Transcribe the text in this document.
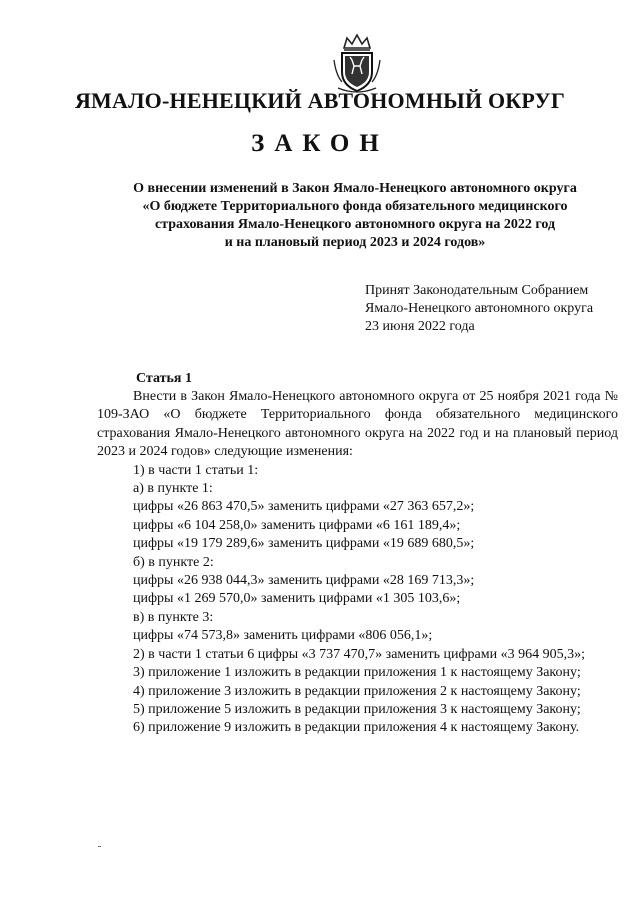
ЯМАЛО-НЕНЕЦКИЙ АВТОНОМНЫЙ ОКРУГ
ЗАКОН
О внесении изменений в Закон Ямало-Ненецкого автономного округа
«О бюджете Территориального фонда обязательного медицинского
страхования Ямало-Ненецкого автономного округа на 2022 год
и на плановый период 2023 и 2024 годов»
Принят Законодательным Собранием
Ямало-Ненецкого автономного округа
23 июня 2022 года
Статья 1

Внести в Закон Ямало-Ненецкого автономного округа от 25 ноября 2021 года № 109-ЗАО «О бюджете Территориального фонда обязательного медицинского страхования Ямало-Ненецкого автономного округа на 2022 год и на плановый период 2023 и 2024 годов» следующие изменения:

1) в части 1 статьи 1:

а) в пункте 1:

цифры «26 863 470,5» заменить цифрами «27 363 657,2»;

цифры «6 104 258,0» заменить цифрами «6 161 189,4»;

цифры «19 179 289,6» заменить цифрами «19 689 680,5»;

б) в пункте 2:

цифры «26 938 044,3» заменить цифрами «28 169 713,3»;

цифры «1 269 570,0» заменить цифрами «1 305 103,6»;

в) в пункте 3:

цифры «74 573,8» заменить цифрами «806 056,1»;

2) в части 1 статьи 6 цифры «3 737 470,7» заменить цифрами «3 964 905,3»;

3) приложение 1 изложить в редакции приложения 1 к настоящему Закону;

4) приложение 3 изложить в редакции приложения 2 к настоящему Закону;

5) приложение 5 изложить в редакции приложения 3 к настоящему Закону;

6) приложение 9 изложить в редакции приложения 4 к настоящему Закону.
